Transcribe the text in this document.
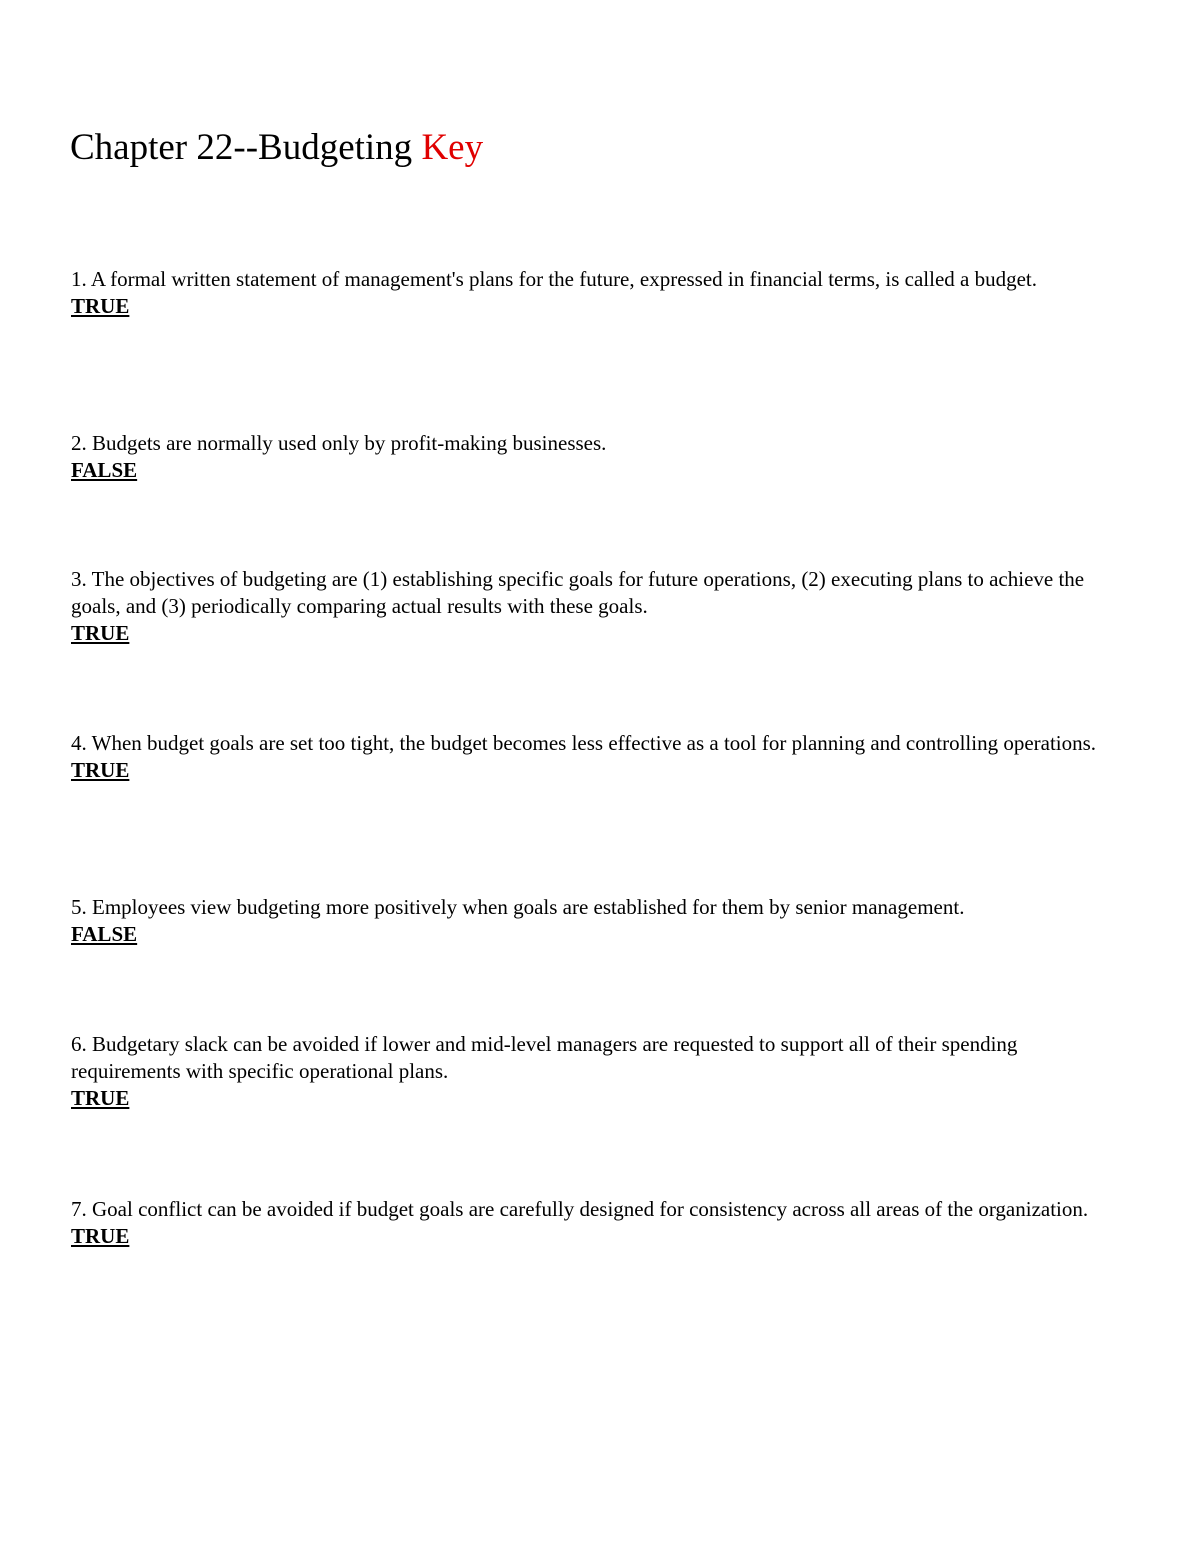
Chapter 22--Budgeting Key
1. A formal written statement of management's plans for the future, expressed in financial terms, is called a budget.
TRUE
2. Budgets are normally used only by profit-making businesses.
FALSE
3. The objectives of budgeting are (1) establishing specific goals for future operations, (2) executing plans to achieve the goals, and (3) periodically comparing actual results with these goals.
TRUE
4. When budget goals are set too tight, the budget becomes less effective as a tool for planning and controlling operations.
TRUE
5. Employees view budgeting more positively when goals are established for them by senior management.
FALSE
6. Budgetary slack can be avoided if lower and mid-level managers are requested to support all of their spending requirements with specific operational plans.
TRUE
7. Goal conflict can be avoided if budget goals are carefully designed for consistency across all areas of the organization.
TRUE
